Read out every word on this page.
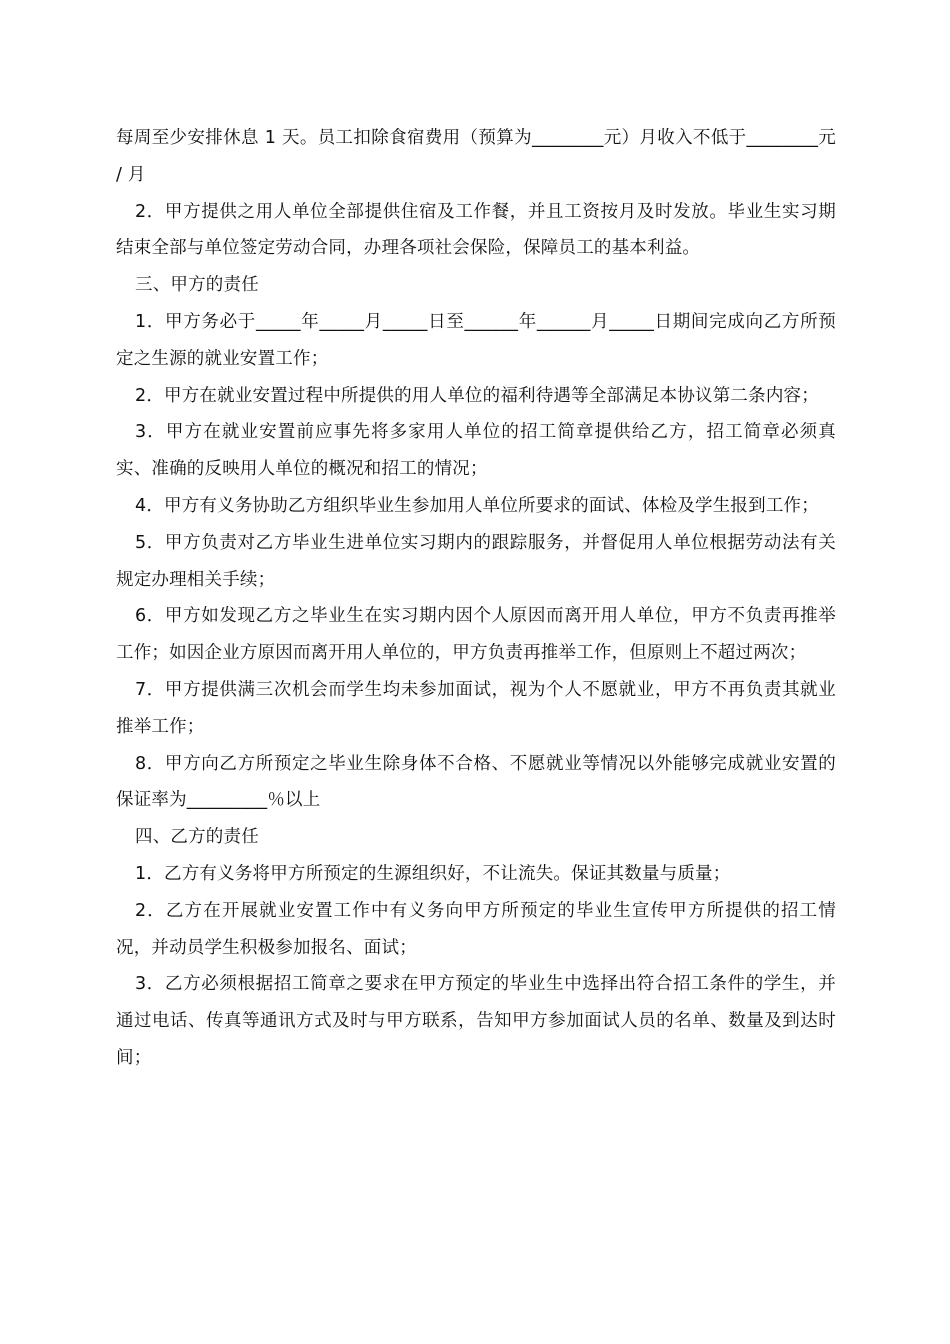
每周至少安排休息 1 天。员工扣除食宿费用（预算为________元）月收入不低于________元 / 月

2．甲方提供之用人单位全部提供住宿及工作餐，并且工资按月及时发放。毕业生实习期结束全部与单位签定劳动合同，办理各项社会保险，保障员工的基本利益。

三、甲方的责任

1．甲方务必于_____年_____月_____日至______年______月_____日期间完成向乙方所预定之生源的就业安置工作；

2．甲方在就业安置过程中所提供的用人单位的福利待遇等全部满足本协议第二条内容；

3．甲方在就业安置前应事先将多家用人单位的招工简章提供给乙方，招工简章必须真实、准确的反映用人单位的概况和招工的情况；

4．甲方有义务协助乙方组织毕业生参加用人单位所要求的面试、体检及学生报到工作；

5．甲方负责对乙方毕业生进单位实习期内的跟踪服务，并督促用人单位根据劳动法有关规定办理相关手续；

6．甲方如发现乙方之毕业生在实习期内因个人原因而离开用人单位，甲方不负责再推举工作；如因企业方原因而离开用人单位的，甲方负责再推举工作，但原则上不超过两次；

7．甲方提供满三次机会而学生均未参加面试，视为个人不愿就业，甲方不再负责其就业推举工作；

8．甲方向乙方所预定之毕业生除身体不合格、不愿就业等情况以外能够完成就业安置的保证率为_________％以上

四、乙方的责任

1．乙方有义务将甲方所预定的生源组织好，不让流失。保证其数量与质量；

2．乙方在开展就业安置工作中有义务向甲方所预定的毕业生宣传甲方所提供的招工情况，并动员学生积极参加报名、面试；

3．乙方必须根据招工简章之要求在甲方预定的毕业生中选择出符合招工条件的学生，并通过电话、传真等通讯方式及时与甲方联系，告知甲方参加面试人员的名单、数量及到达时间；
